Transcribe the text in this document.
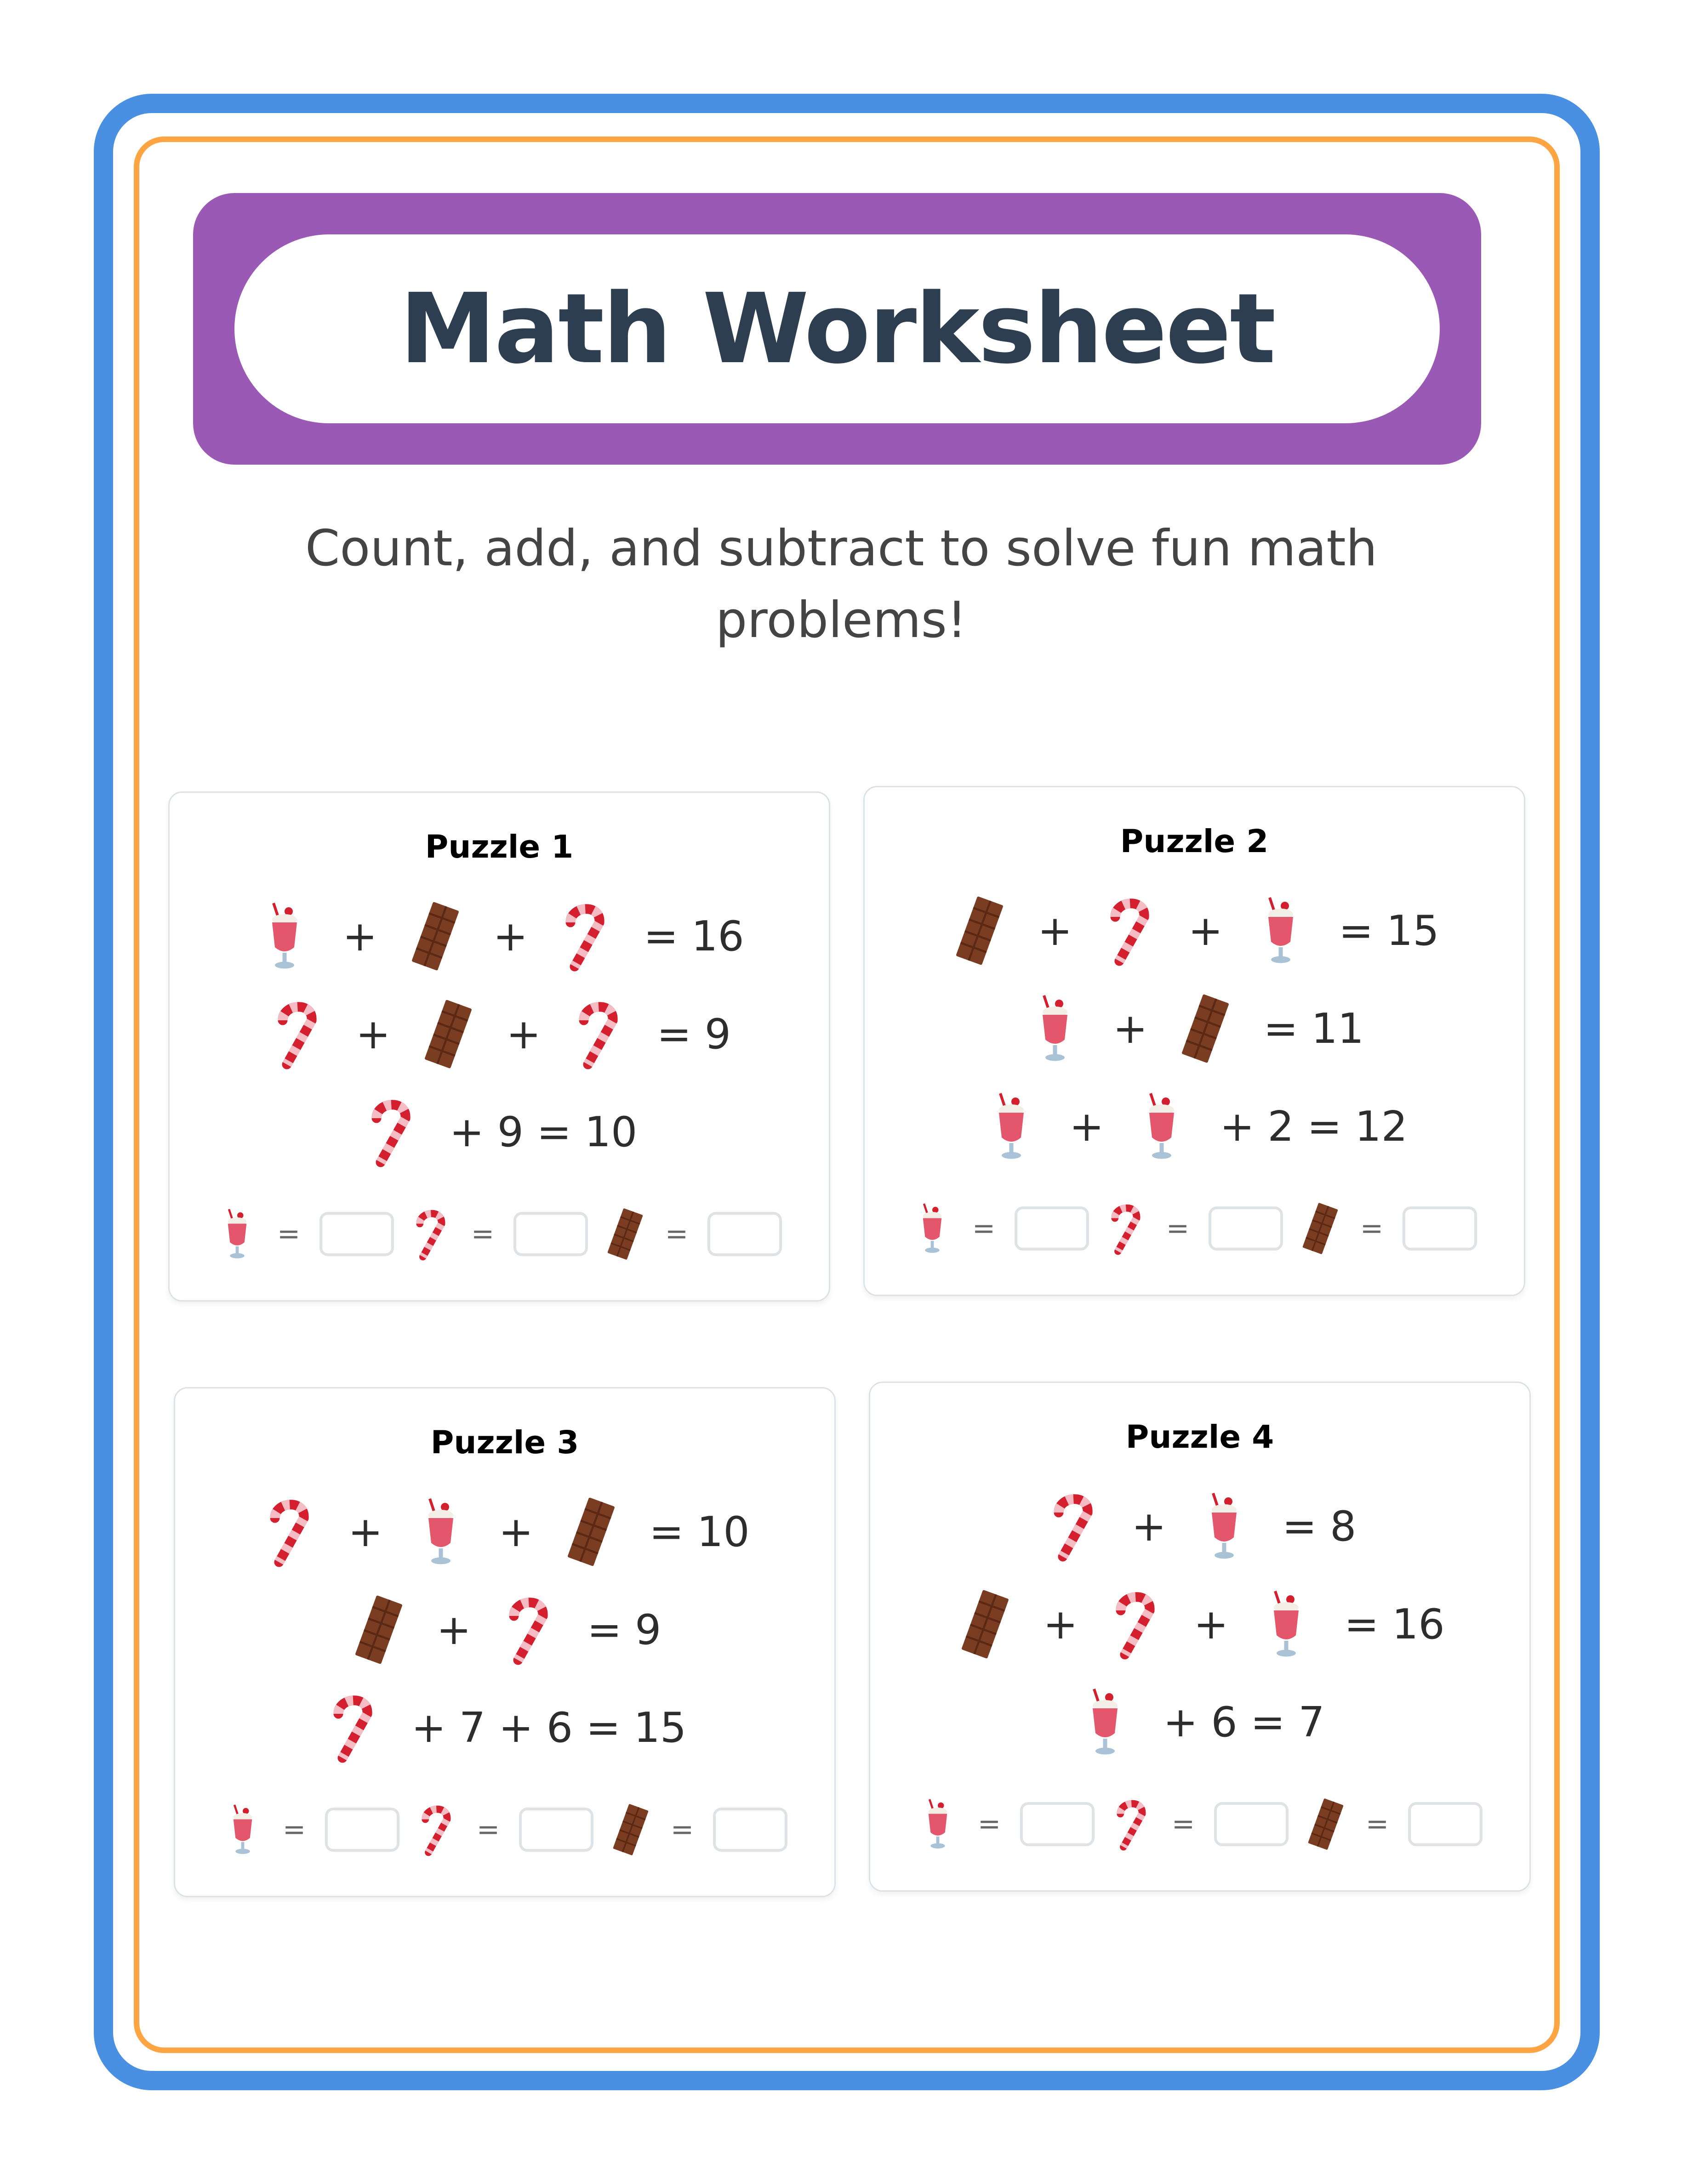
Math Worksheet
Count, add, and subtract to solve fun math problems!
Puzzle 1
+	+	= 16
+	+	= 9
+ 9 = 10
=	=	=
Puzzle 2
+	+	= 15
+	= 11
+	+ 2 = 12
=	=	=
Puzzle 3
+	+	= 10
+	= 9
+ 7 + 6 = 15
=	=	=
Puzzle 4
+	= 8
+	+	= 16
+ 6 = 7
=	=	=
